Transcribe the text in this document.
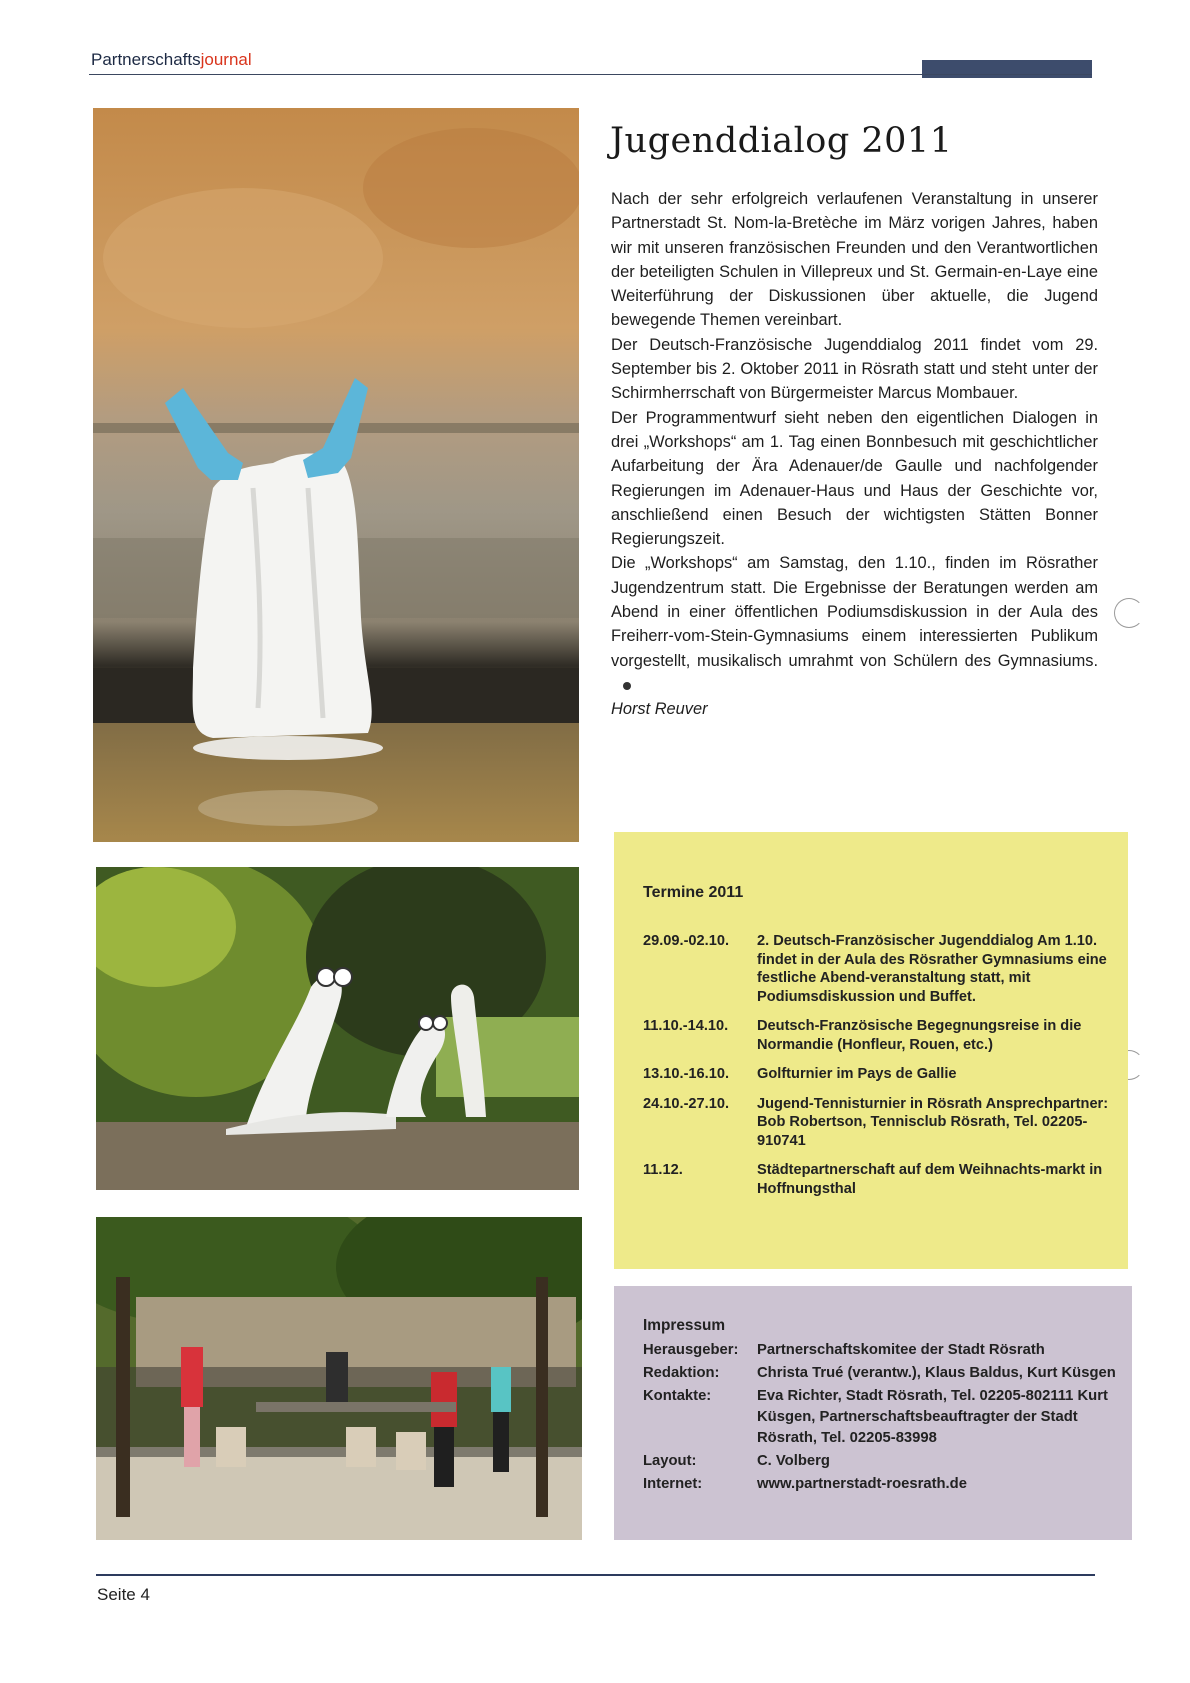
Partnerschaftsjournal
Jugenddialog 2011

Nach der sehr erfolgreich verlaufenen Veranstaltung in unserer Partnerstadt St. Nom-la-Bretèche im März vorigen Jahres, haben wir mit unseren französischen Freunden und den Verantwortlichen der beteiligten Schulen in Villepreux und St. Germain-en-Laye eine Weiterführung der Diskussionen über aktuelle, die Jugend bewegende Themen vereinbart.

Der Deutsch-Französische Jugenddialog 2011 findet vom 29. September bis 2. Oktober 2011 in Rösrath statt und steht unter der Schirmherrschaft von Bürgermeister Marcus Mombauer.

Der Programmentwurf sieht neben den eigentlichen Dialogen in drei „Workshops“ am 1. Tag einen Bonnbesuch mit geschichtlicher Aufarbeitung der Ära Adenauer/de Gaulle und nachfolgender Regierungen im Adenauer-Haus und Haus der Geschichte vor, anschließend einen Besuch der wichtigsten Stätten Bonner Regierungszeit.

Die „Workshops“ am Samstag, den 1.10., finden im Rösrather Jugendzentrum statt. Die Ergebnisse der Beratungen werden am Abend in einer öffentlichen Podiumsdiskussion in der Aula des Freiherr-vom-Stein-Gymnasiums einem interessierten Publikum vorgestellt, musikalisch umrahmt von Schülern des Gymnasiums.

Horst Reuver

Termine 2011
29.09.-02.10.	2. Deutsch-Französischer Jugenddialog Am 1.10. findet in der Aula des Rösrather Gymnasiums eine festliche Abend-veranstaltung statt, mit Podiumsdiskussion und Buffet.
11.10.-14.10.	Deutsch-Französische Begegnungsreise in die Normandie (Honfleur, Rouen, etc.)
13.10.-16.10.	Golfturnier im Pays de Gallie
24.10.-27.10.	Jugend-Tennisturnier in Rösrath Ansprechpartner: Bob Robertson, Tennisclub Rösrath, Tel. 02205-910741
11.12.	Städtepartnerschaft auf dem Weihnachts-markt in Hoffnungsthal
Impressum
Herausgeber:	Partnerschaftskomitee der Stadt Rösrath
Redaktion:	Christa Trué (verantw.), Klaus Baldus, Kurt Küsgen
Kontakte:	Eva Richter, Stadt Rösrath, Tel. 02205-802111 Kurt Küsgen, Partnerschaftsbeauftragter der Stadt Rösrath, Tel. 02205-83998
Layout:	C. Volberg
Internet:	www.partnerstadt-roesrath.de
Seite 4
